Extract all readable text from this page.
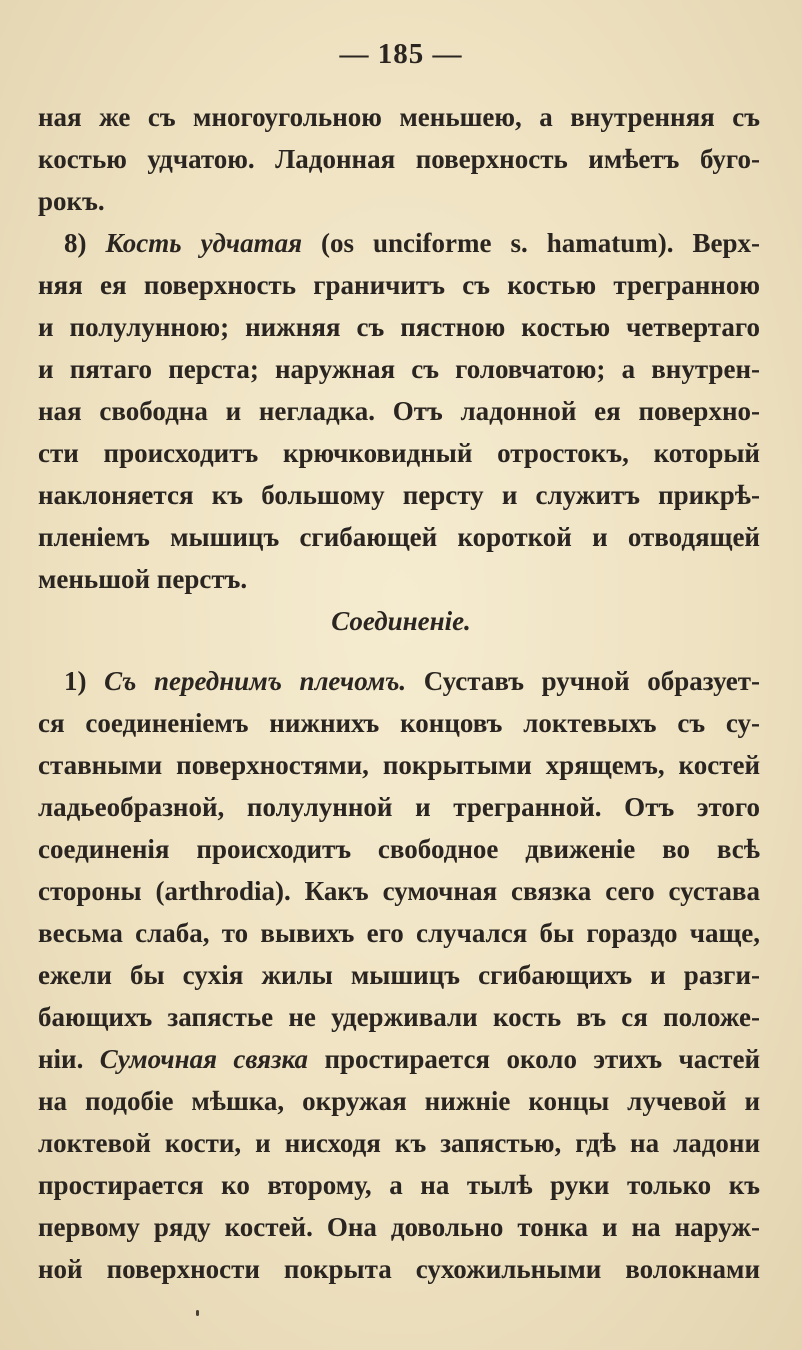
— 185 —
ная же съ многоугольною меньшею, а внутренняя съ
костью удчатою. Ладонная поверхность имѣетъ буго-
рокъ.
8) Кость удчатая (os unciforme s. hamatum). Верх-
няя ея поверхность граничитъ съ костью трегранною
и полулунною; нижняя съ пястною костью четвертаго
и пятаго перста; наружная съ головчатою; а внутрен-
ная свободна и негладка. Отъ ладонной ея поверхно-
сти происходитъ крючковидный отростокъ, который
наклоняется къ большому персту и служитъ прикрѣ-
пленiемъ мышицъ сгибающей короткой и отводящей
меньшой перстъ.
Соединенiе.
1) Съ переднимъ плечомъ. Суставъ ручной образует-
ся соединенiемъ нижнихъ концовъ локтевыхъ съ су-
ставными поверхностями, покрытыми хрящемъ, костей
ладьеобразной, полулунной и трегранной. Отъ этого
соединенiя происходитъ свободное движенiе во всѣ
стороны (arthrodia). Какъ сумочная связка сего сустава
весьма слаба, то вывихъ его случался бы гораздо чаще,
ежели бы сухiя жилы мышицъ сгибающихъ и разги-
бающихъ запястье не удерживали кость въ ся положе-
нiи. Сумочная связка простирается около этихъ частей
на подобiе мѣшка, окружая нижнiе концы лучевой и
локтевой кости, и нисходя къ запястью, гдѣ на ладони
простирается ко второму, а на тылѣ руки только къ
первому ряду костей. Она довольно тонка и на наруж-
ной поверхности покрыта сухожильными волокнами
